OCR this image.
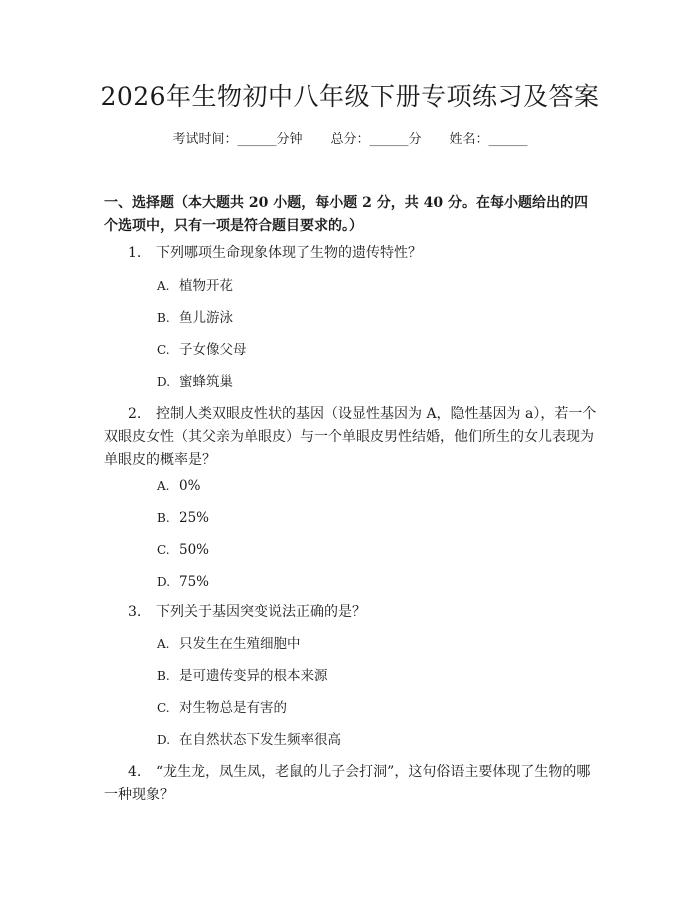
2026年生物初中八年级下册专项练习及答案
考试时间：______分钟 总分：______分 姓名：______
一、选择题（本大题共 20 小题，每小题 2 分，共 40 分。在每小题给出的四个选项中，只有一项是符合题目要求的。）
1. 下列哪项生命现象体现了生物的遗传特性？
A. 植物开花
B. 鱼儿游泳
C. 子女像父母
D. 蜜蜂筑巢
2. 控制人类双眼皮性状的基因（设显性基因为 A，隐性基因为 a），若一个双眼皮女性（其父亲为单眼皮）与一个单眼皮男性结婚，他们所生的女儿表现为单眼皮的概率是？
A. 0%
B. 25%
C. 50%
D. 75%
3. 下列关于基因突变说法正确的是？
A. 只发生在生殖细胞中
B. 是可遗传变异的根本来源
C. 对生物总是有害的
D. 在自然状态下发生频率很高
4. “龙生龙，凤生凤，老鼠的儿子会打洞”，这句俗语主要体现了生物的哪一种现象？
